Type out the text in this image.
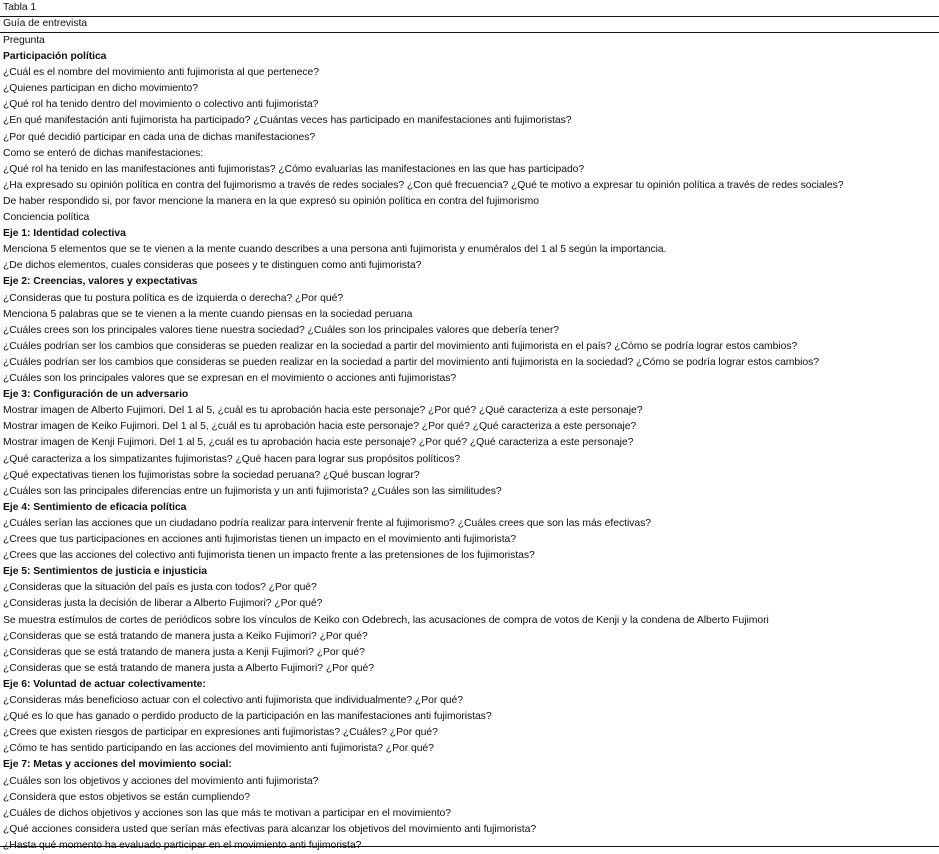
Tabla 1
Guía de entrevista
Pregunta
Participación política
¿Cuál es el nombre del movimiento anti fujimorista al que pertenece?
¿Quienes participan en dicho movimiento?
¿Qué rol ha tenido dentro del movimiento o colectivo anti fujimorista?
¿En qué manifestación anti fujimorista ha participado? ¿Cuántas veces has participado en manifestaciones anti fujimoristas?
¿Por qué decidió participar en cada una de dichas manifestaciones?
Como se enteró de dichas manifestaciones:
¿Qué rol ha tenido en las manifestaciones anti fujimoristas? ¿Cómo evaluarías las manifestaciones en las que has participado?
¿Ha expresado su opinión política en contra del fujimorismo a través de redes sociales? ¿Con qué frecuencia? ¿Qué te motivo a expresar tu opinión política a través de redes sociales?
De haber respondido si, por favor mencione la manera en la que expresó su opinión política en contra del fujimorismo
Conciencia política
Eje 1: Identidad colectiva
Menciona 5 elementos que se te vienen a la mente cuando describes a una persona anti fujimorista y enuméralos del 1 al 5 según la importancia.
¿De dichos elementos, cuales consideras que posees y te distinguen como anti fujimorista?
Eje 2: Creencias, valores y expectativas
¿Consideras que tu postura política es de izquierda o derecha? ¿Por qué?
Menciona 5 palabras que se te vienen a la mente cuando piensas en la sociedad peruana
¿Cuáles crees son los principales valores tiene nuestra sociedad? ¿Cuáles son los principales valores que debería tener?
¿Cuáles podrían ser los cambios que consideras se pueden realizar en la sociedad a partir del movimiento anti fujimorista en el país? ¿Cómo se podría lograr estos cambios?
¿Cuáles podrían ser los cambios que consideras se pueden realizar en la sociedad a partir del movimiento anti fujimorista en la sociedad? ¿Cómo se podría lograr estos cambios?
¿Cuáles son los principales valores que se expresan en el movimiento o acciones anti fujimoristas?
Eje 3: Configuración de un adversario
Mostrar imagen de Alberto Fujimori. Del 1 al 5, ¿cuál es tu aprobación hacia este personaje? ¿Por qué? ¿Qué caracteriza a este personaje?
Mostrar imagen de Keiko Fujimori. Del 1 al 5, ¿cuál es tu aprobación hacia este personaje? ¿Por qué? ¿Qué caracteriza a este personaje?
Mostrar imagen de Kenji Fujimori. Del 1 al 5, ¿cuál es tu aprobación hacia este personaje? ¿Por qué? ¿Qué caracteriza a este personaje?
¿Qué caracteriza a los simpatizantes fujimoristas? ¿Qué hacen para lograr sus propósitos políticos?
¿Qué expectativas tienen los fujimoristas sobre la sociedad peruana? ¿Qué buscan lograr?
¿Cuáles son las principales diferencias entre un fujimorista y un anti fujimorista? ¿Cuáles son las similitudes?
Eje 4: Sentimiento de eficacia política
¿Cuáles serían las acciones que un ciudadano podría realizar para intervenir frente al fujimorismo? ¿Cuáles crees que son las más efectivas?
¿Crees que tus participaciones en acciones anti fujimoristas tienen un impacto en el movimiento anti fujimorista?
¿Crees que las acciones del colectivo anti fujimorista tienen un impacto frente a las pretensiones de los fujimoristas?
Eje 5: Sentimientos de justicia e injusticia
¿Consideras que la situación del país es justa con todos? ¿Por qué?
¿Consideras justa la decisión de liberar a Alberto Fujimori? ¿Por qué?
Se muestra estímulos de cortes de periódicos sobre los vínculos de Keiko con Odebrech, las acusaciones de compra de votos de Kenji y la condena de Alberto Fujimori
¿Consideras que se está tratando de manera justa a Keiko Fujimori? ¿Por qué?
¿Consideras que se está tratando de manera justa a Kenji Fujimori? ¿Por qué?
¿Consideras que se está tratando de manera justa a Alberto Fujimori? ¿Por qué?
Eje 6: Voluntad de actuar colectivamente:
¿Consideras más beneficioso actuar con el colectivo anti fujimorista que individualmente? ¿Por qué?
¿Qué es lo que has ganado o perdido producto de la participación en las manifestaciones anti fujimoristas?
¿Crees que existen riesgos de participar en expresiones anti fujimoristas? ¿Cuáles? ¿Por qué?
¿Cómo te has sentido participando en las acciones del movimiento anti fujimorista? ¿Por qué?
Eje 7: Metas y acciones del movimiento social:
¿Cuáles son los objetivos y acciones del movimiento anti fujimorista?
¿Considera que estos objetivos se están cumpliendo?
¿Cuáles de dichos objetivos y acciones son las que más te motivan a participar en el movimiento?
¿Qué acciones considera usted que serían más efectivas para alcanzar los objetivos del movimiento anti fujimorista?
¿Hasta qué momento ha evaluado participar en el movimiento anti fujimorista?
